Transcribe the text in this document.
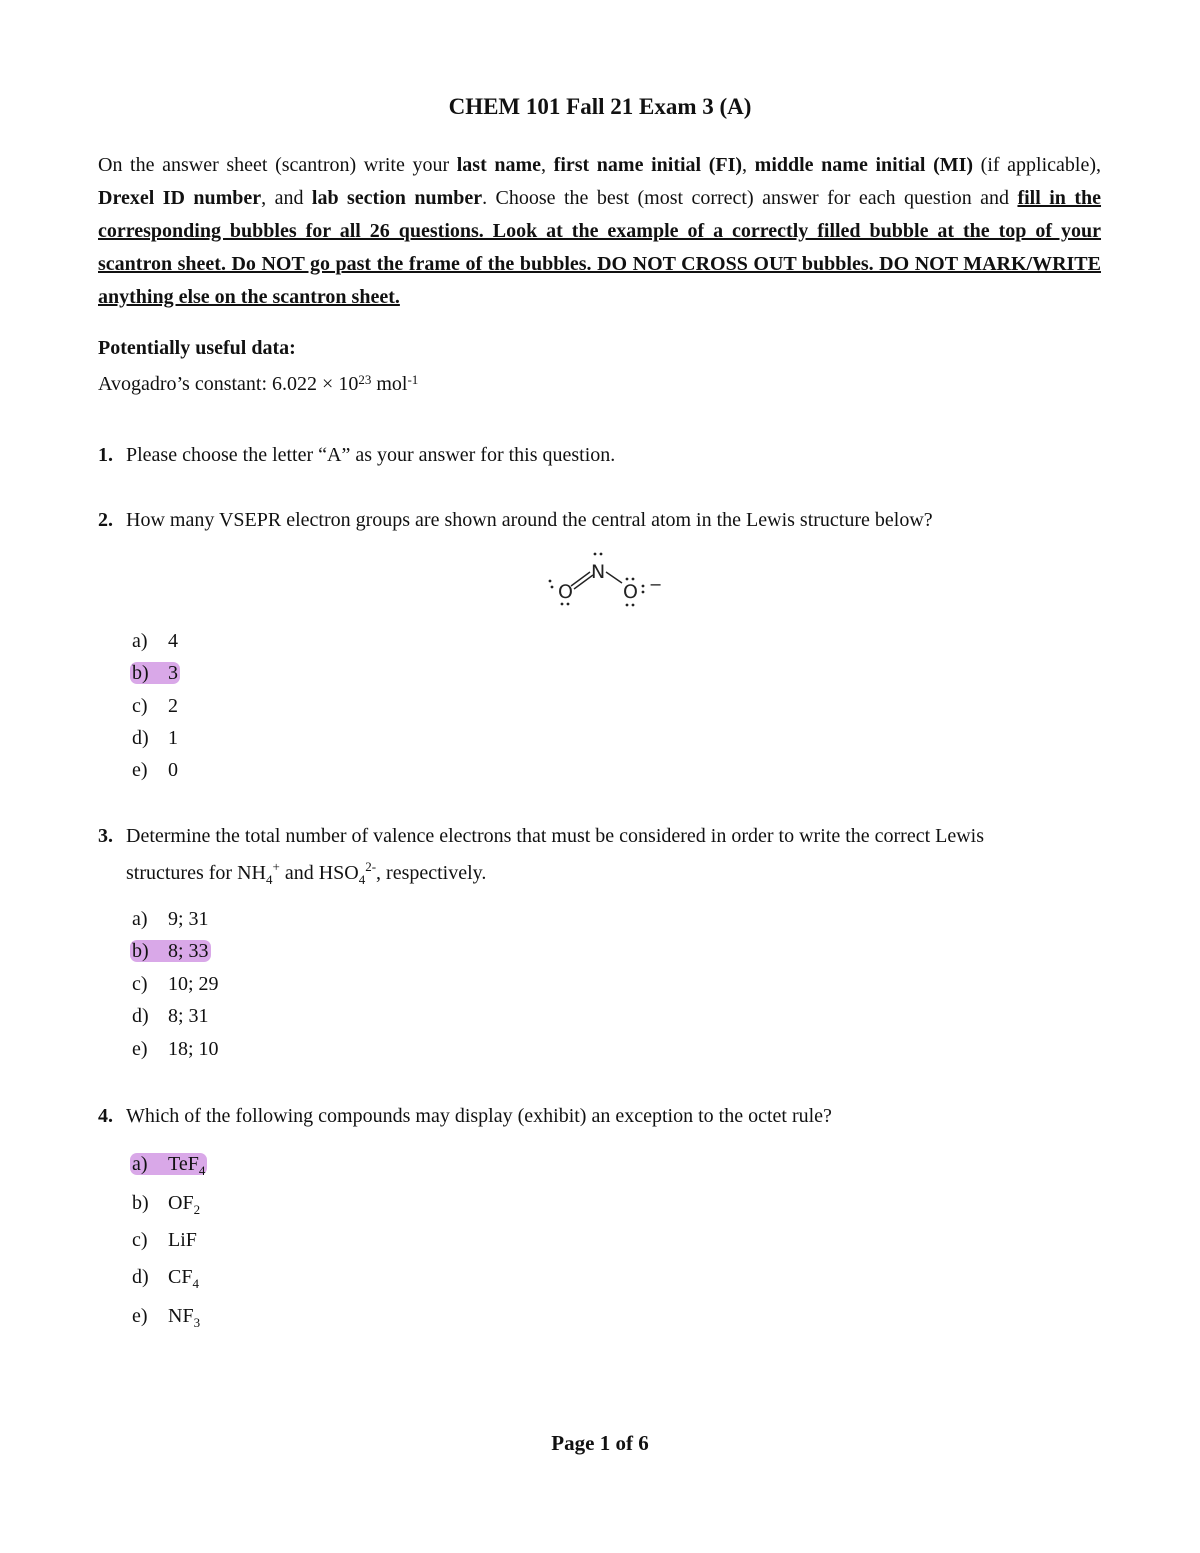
CHEM 101 Fall 21 Exam 3 (A)

On the answer sheet (scantron) write your last name, first name initial (FI), middle name initial (MI) (if applicable), Drexel ID number, and lab section number. Choose the best (most correct) answer for each question and fill in the corresponding bubbles for all 26 questions. Look at the example of a correctly filled bubble at the top of your scantron sheet. Do NOT go past the frame of the bubbles. DO NOT CROSS OUT bubbles. DO NOT MARK/WRITE anything else on the scantron sheet.

Potentially useful data:
Avogadro’s constant: $6.022 \times 10^{23}$ mol$^{-1}$
1. Please choose the letter “A” as your answer for this question.
2. How many VSEPR electron groups are shown around the central atom in the Lewis structure below?
O
N
O −
a) 4
b) 3
c) 2
d) 1
e) 0
3. Determine the total number of valence electrons that must be considered in order to write the correct Lewis
structures for $NH_4^+$ and $HSO_4^{2-}$, respectively.
a) 9; 31
b) 8; 33
c) 10; 29
d) 8; 31
e) 18; 10
4. Which of the following compounds may display (exhibit) an exception to the octet rule?
a) TeF$_4$
b) $OF_2$
c) LiF
d) $CF_4$
e) $NF_3$
Page 1 of 6
